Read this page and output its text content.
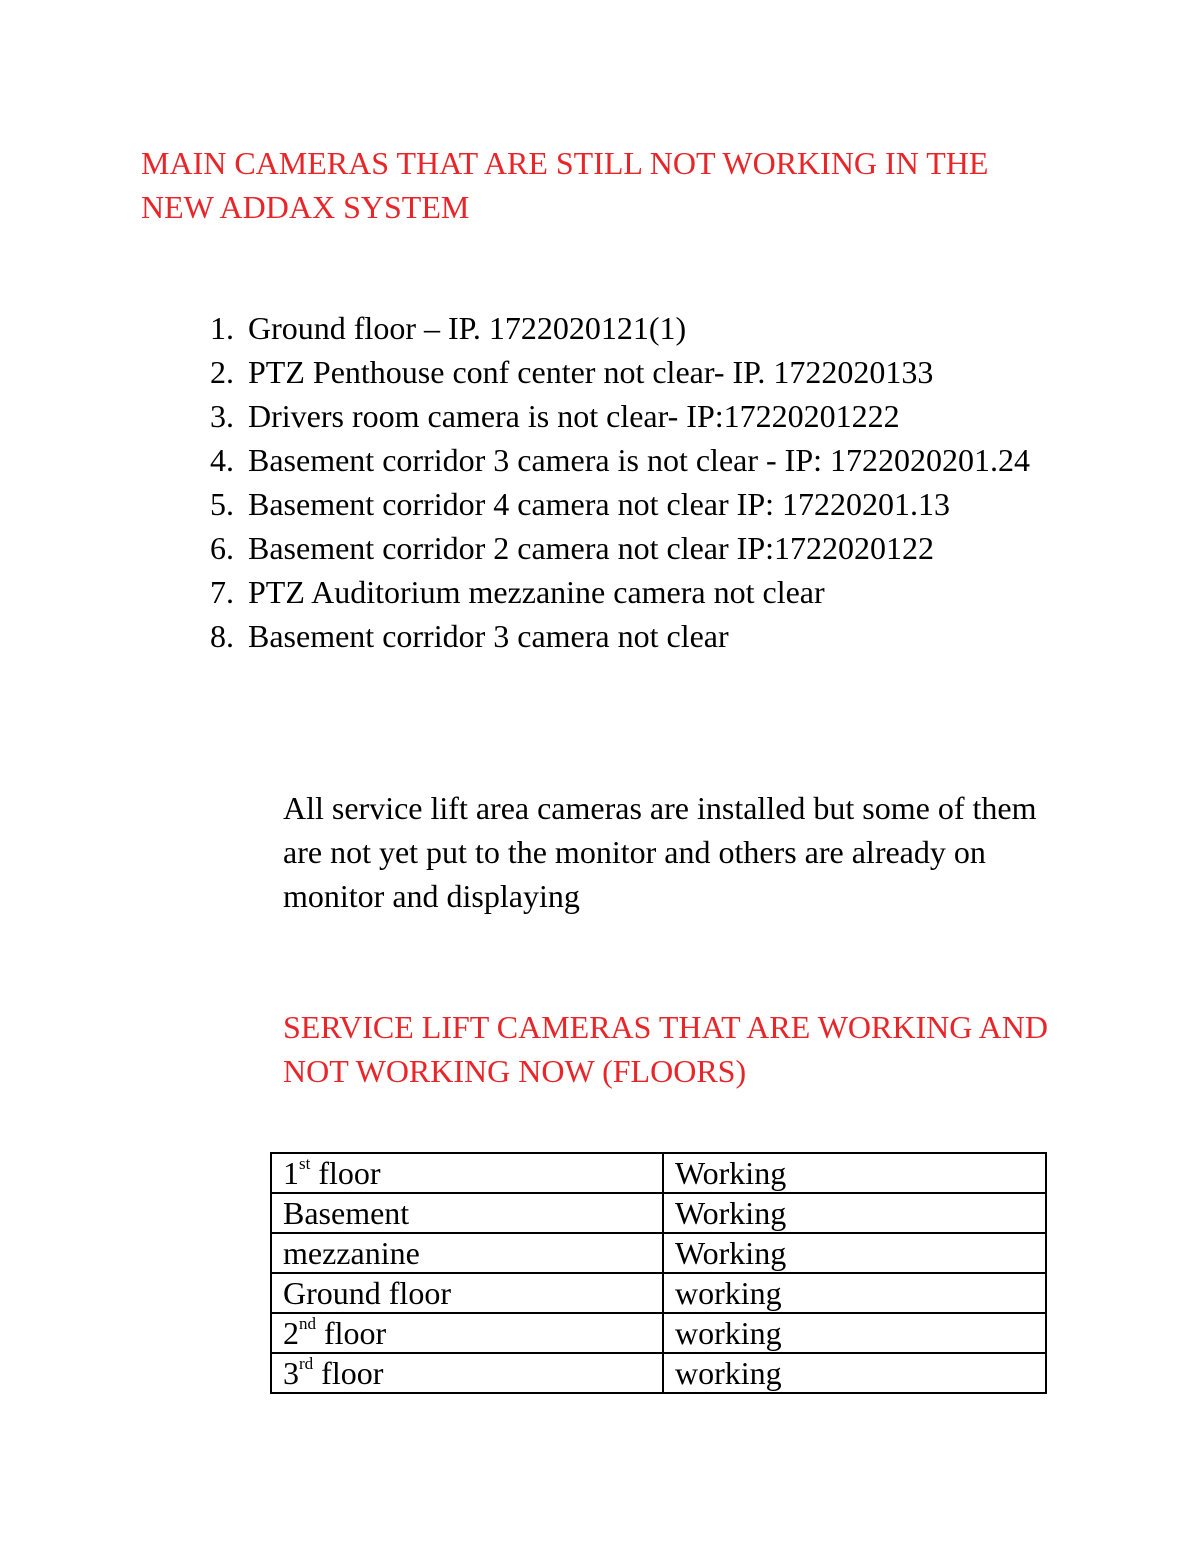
MAIN CAMERAS THAT ARE STILL NOT WORKING IN THE NEW ADDAX SYSTEM
1. Ground floor – IP. 1722020121(1)
2. PTZ Penthouse conf center not clear- IP. 1722020133
3. Drivers room camera is not clear- IP:17220201222
4. Basement corridor 3 camera is not clear - IP: 1722020201.24
5. Basement corridor 4 camera not clear IP: 17220201.13
6. Basement corridor 2 camera not clear IP:1722020122
7. PTZ Auditorium mezzanine camera not clear
8. Basement corridor 3 camera not clear

All service lift area cameras are installed but some of them are not yet put to the monitor and others are already on monitor and displaying

SERVICE LIFT CAMERAS THAT ARE WORKING AND NOT WORKING NOW (FLOORS)
1st floor	Working
Basement	Working
mezzanine	Working
Ground floor	working
2nd floor	working
3rd floor	working
